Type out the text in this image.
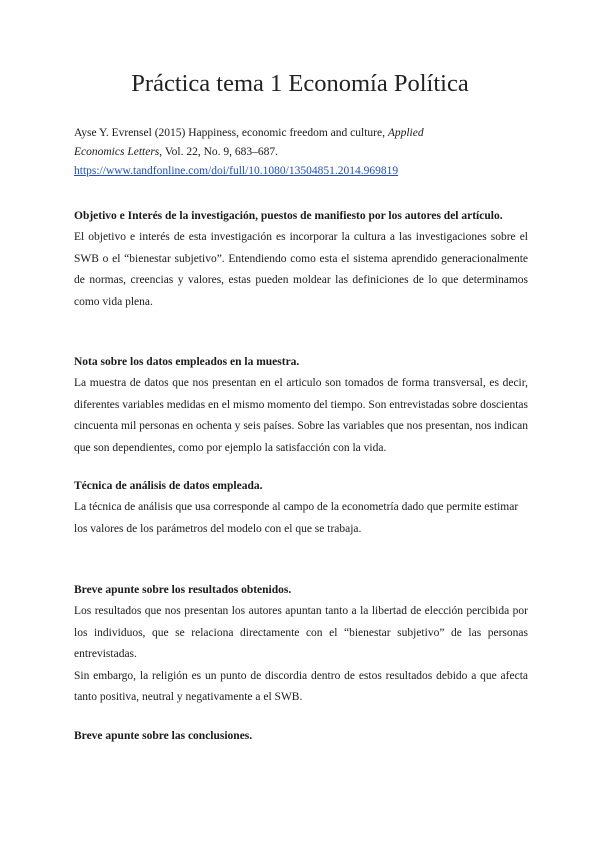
Práctica tema 1 Economía Política
Ayse Y. Evrensel (2015) Happiness, economic freedom and culture, Applied
Economics Letters, Vol. 22, No. 9, 683–687.
https://www.tandfonline.com/doi/full/10.1080/13504851.2014.969819
Objetivo e Interés de la investigación, puestos de manifiesto por los autores del artículo.

El objetivo e interés de esta investigación es incorporar la cultura a las investigaciones sobre el SWB o el “bienestar subjetivo”. Entendiendo como esta el sistema aprendido generacionalmente de normas, creencias y valores, estas pueden moldear las definiciones de lo que determinamos como vida plena.

Nota sobre los datos empleados en la muestra.

La muestra de datos que nos presentan en el articulo son tomados de forma transversal, es decir, diferentes variables medidas en el mismo momento del tiempo. Son entrevistadas sobre doscientas cincuenta mil personas en ochenta y seis países. Sobre las variables que nos presentan, nos indican que son dependientes, como por ejemplo la satisfacción con la vida.

Técnica de análisis de datos empleada.

La técnica de análisis que usa corresponde al campo de la econometría dado que permite estimar

los valores de los parámetros del modelo con el que se trabaja.

Breve apunte sobre los resultados obtenidos.

Los resultados que nos presentan los autores apuntan tanto a la libertad de elección percibida por los individuos, que se relaciona directamente con el “bienestar subjetivo” de las personas entrevistadas.

Sin embargo, la religión es un punto de discordia dentro de estos resultados debido a que afecta tanto positiva, neutral y negativamente a el SWB.

Breve apunte sobre las conclusiones.
